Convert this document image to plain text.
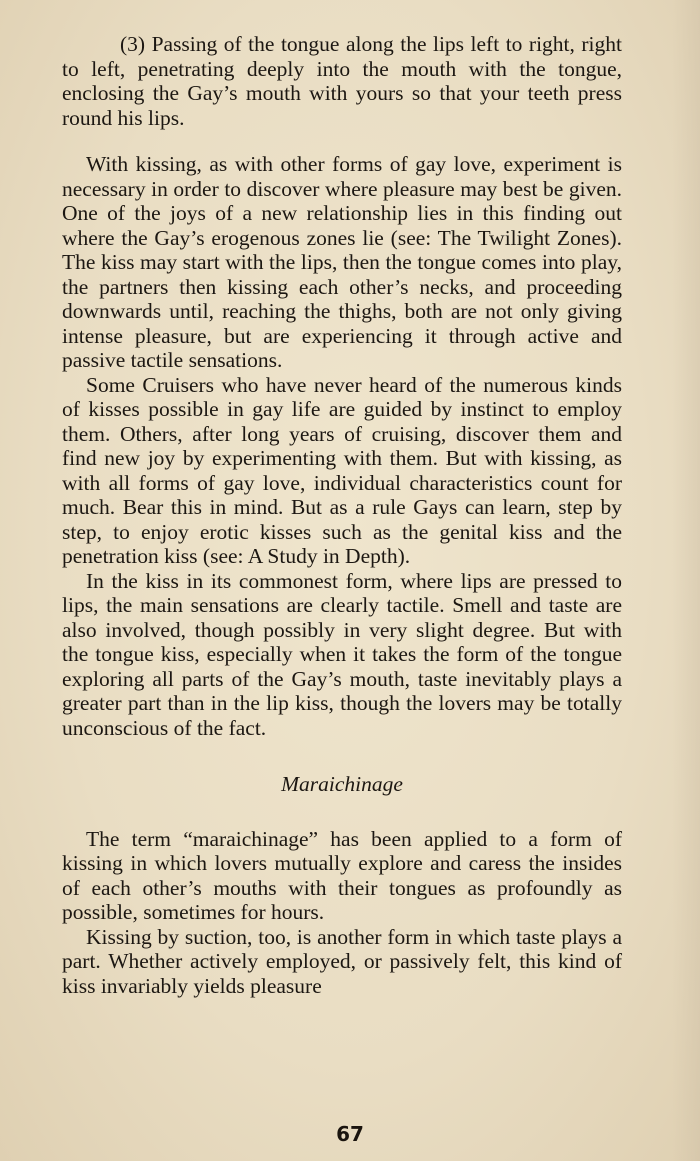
(3) Passing of the tongue along the lips left to right, right to left, penetrating deeply into the mouth with the tongue, enclosing the Gay’s mouth with yours so that your teeth press round his lips.

With kissing, as with other forms of gay love, experiment is necessary in order to discover where pleasure may best be given. One of the joys of a new relationship lies in this finding out where the Gay’s erogenous zones lie (see: The Twilight Zones). The kiss may start with the lips, then the tongue comes into play, the partners then kissing each other’s necks, and proceeding downwards until, reaching the thighs, both are not only giving intense pleasure, but are experiencing it through active and passive tactile sensations.

Some Cruisers who have never heard of the numerous kinds of kisses possible in gay life are guided by instinct to employ them. Others, after long years of cruising, discover them and find new joy by experimenting with them. But with kissing, as with all forms of gay love, individual characteristics count for much. Bear this in mind. But as a rule Gays can learn, step by step, to enjoy erotic kisses such as the genital kiss and the penetration kiss (see: A Study in Depth).

In the kiss in its commonest form, where lips are pressed to lips, the main sensations are clearly tactile. Smell and taste are also involved, though possibly in very slight degree. But with the tongue kiss, especially when it takes the form of the tongue exploring all parts of the Gay’s mouth, taste inevitably plays a greater part than in the lip kiss, though the lovers may be totally unconscious of the fact.

Maraichinage

The term “maraichinage” has been applied to a form of kissing in which lovers mutually explore and caress the insides of each other’s mouths with their tongues as profoundly as possible, sometimes for hours.

Kissing by suction, too, is another form in which taste plays a part. Whether actively employed, or passively felt, this kind of kiss invariably yields pleasure

67
